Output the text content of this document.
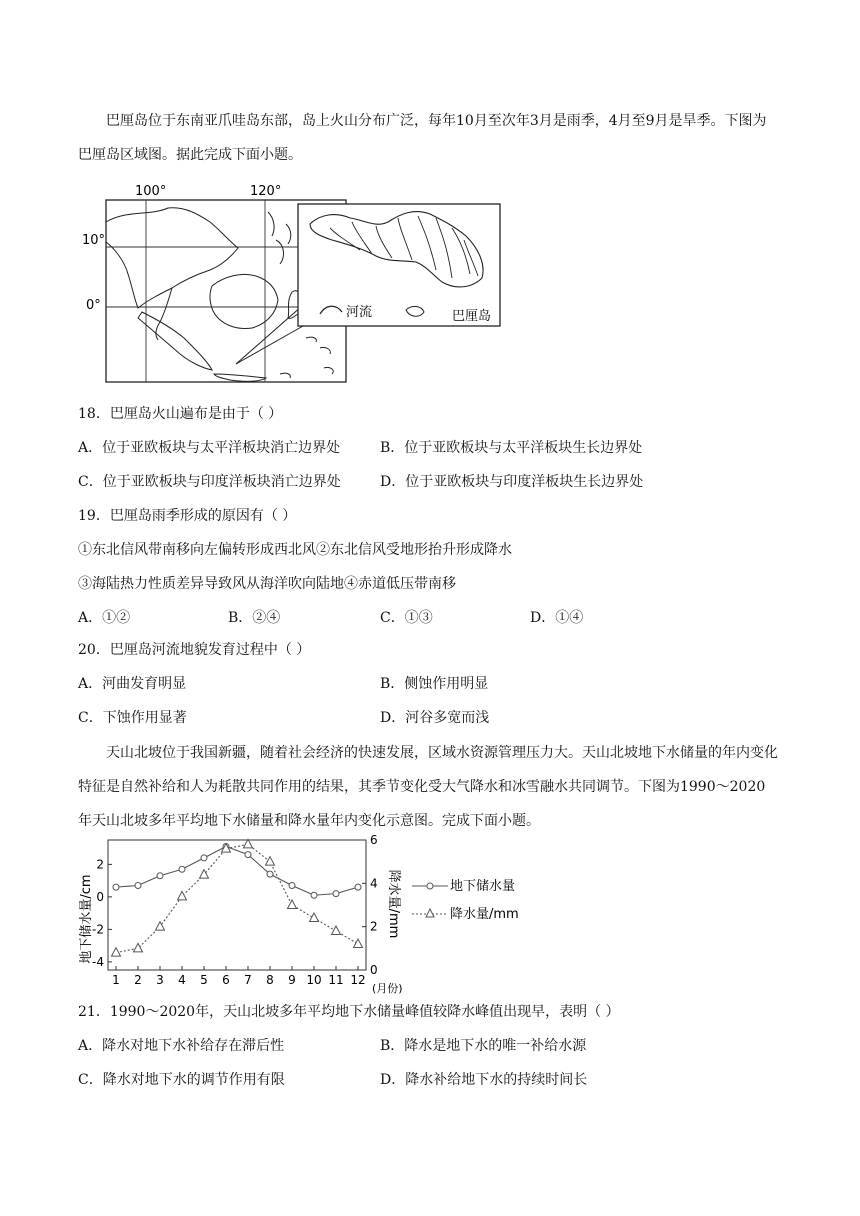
巴厘岛位于东南亚爪哇岛东部，岛上火山分布广泛，每年10月至次年3月是雨季，4月至9月是旱季。下图为巴厘岛区域图。据此完成下面小题。

100°	120°
10°
0°	河流	巴厘岛
18．巴厘岛火山遍布是由于（ ）
A．位于亚欧板块与太平洋板块消亡边界处	B．位于亚欧板块与太平洋板块生长边界处
C．位于亚欧板块与印度洋板块消亡边界处	D．位于亚欧板块与印度洋板块生长边界处
19．巴厘岛雨季形成的原因有（ ）
①东北信风带南移向左偏转形成西北风②东北信风受地形抬升形成降水
③海陆热力性质差异导致风从海洋吹向陆地④赤道低压带南移
A．①②	B．②④	C．①③	D．①④
20．巴厘岛河流地貌发育过程中（ ）
A．河曲发育明显	B．侧蚀作用明显
C．下蚀作用显著	D．河谷多宽而浅

天山北坡位于我国新疆，随着社会经济的快速发展，区域水资源管理压力大。天山北坡地下水储量的年内变化特征是自然补给和人为耗散共同作用的结果，其季节变化受大气降水和冰雪融水共同调节。下图为1990～2020年天山北坡多年平均地下水储量和降水量年内变化示意图。完成下面小题。

地下储水量/cm	降水量/mm
(月份)
2
0
-2
-4
6
4
2
0
1 2 3 4 5 6 7 8 9 10 11 12
地下储水量
降水量/mm
21．1990～2020年，天山北坡多年平均地下水储量峰值较降水峰值出现早，表明（ ）
A．降水对地下水补给存在滞后性	B．降水是地下水的唯一补给水源
C．降水对地下水的调节作用有限	D．降水补给地下水的持续时间长
